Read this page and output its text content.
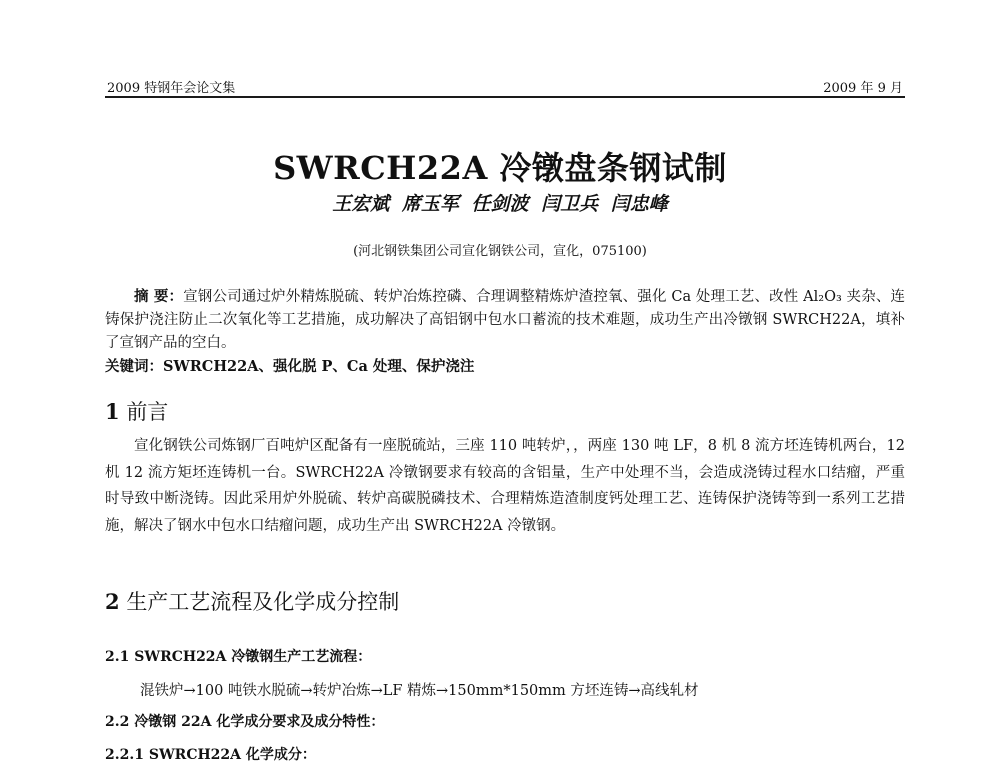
2009 特钢年会论文集	2009 年 9 月
SWRCH22A 冷镦盘条钢试制
王宏斌 席玉军 任剑波 闫卫兵 闫忠峰
(河北钢铁集团公司宣化钢铁公司，宣化，075100)
摘 要：宣钢公司通过炉外精炼脱硫、转炉冶炼控磷、合理调整精炼炉渣控氧、强化 Ca 处理工艺、改性 Al₂O₃ 夹杂、连铸保护浇注防止二次氧化等工艺措施，成功解决了高铝钢中包水口蓄流的技术难题，成功生产出冷镦钢 SWRCH22A，填补了宣钢产品的空白。
关键词：SWRCH22A、强化脱 P、Ca 处理、保护浇注
1 前言
宣化钢铁公司炼钢厂百吨炉区配备有一座脱硫站，三座 110 吨转炉，，两座 130 吨 LF，8 机 8 流方坯连铸机两台，12 机 12 流方矩坯连铸机一台。SWRCH22A 冷镦钢要求有较高的含铝量，生产中处理不当，会造成浇铸过程水口结瘤，严重时导致中断浇铸。因此采用炉外脱硫、转炉高碳脱磷技术、合理精炼造渣制度钙处理工艺、连铸保护浇铸等到一系列工艺措施，解决了钢水中包水口结瘤问题，成功生产出 SWRCH22A 冷镦钢。
2 生产工艺流程及化学成分控制
2.1 SWRCH22A 冷镦钢生产工艺流程：
混铁炉→100 吨铁水脱硫→转炉冶炼→LF 精炼→150mm*150mm 方坯连铸→高线轧材
2.2 冷镦钢 22A 化学成分要求及成分特性：
2.2.1 SWRCH22A 化学成分：
